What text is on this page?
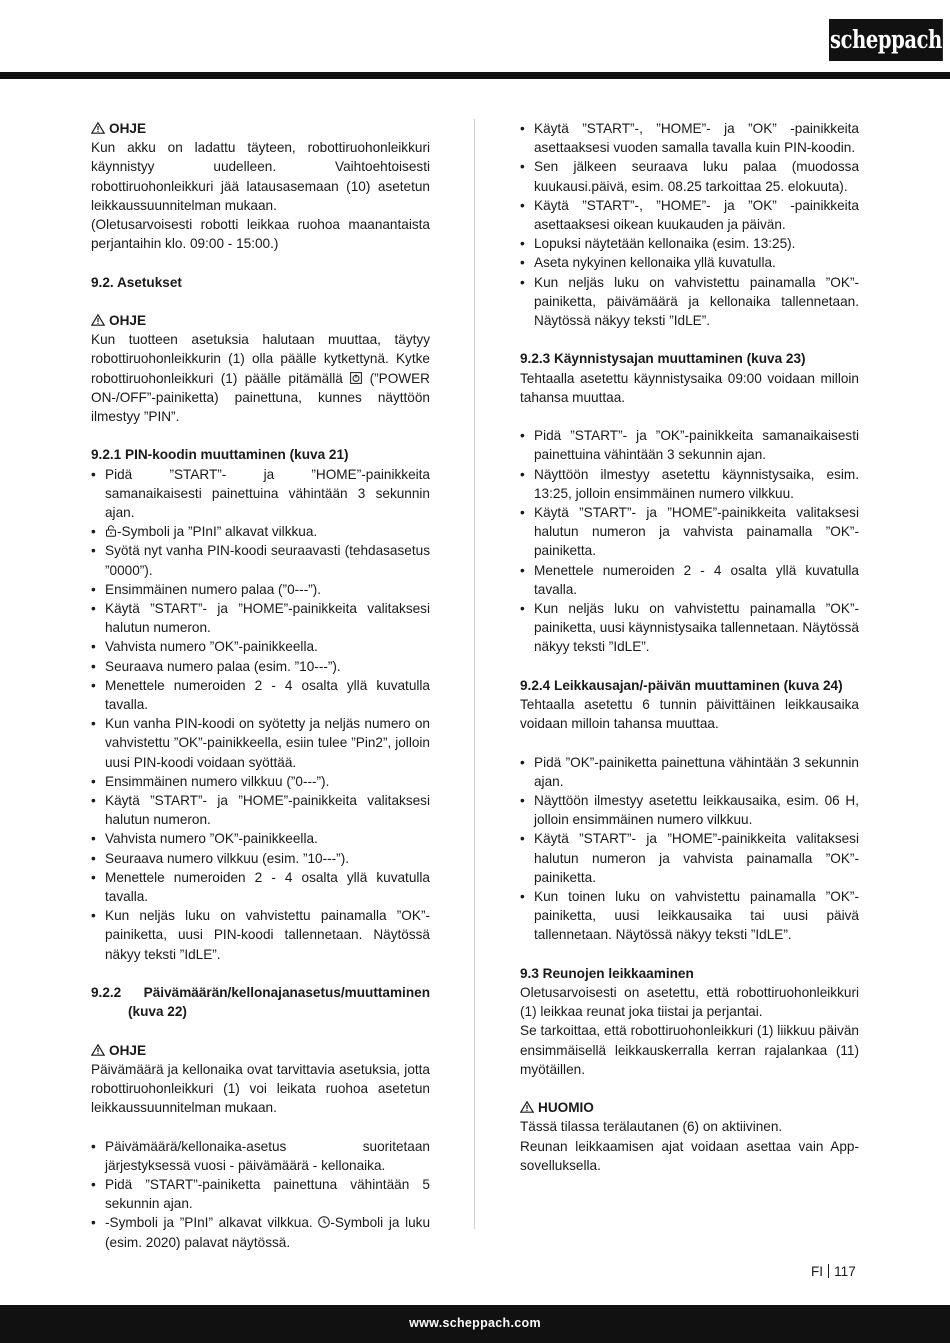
scheppach

OHJE

Kun akku on ladattu täyteen, robottiruohonleikkuri käynnistyy uudelleen. Vaihtoehtoisesti robottiruohonleikkuri jää latausasemaan (10) asetetun leikkaussuunnitelman mukaan.

(Oletusarvoisesti robotti leikkaa ruohoa maanantaista perjantaihin klo. 09:00 - 15:00.)

9.2. Asetukset

OHJE

Kun tuotteen asetuksia halutaan muuttaa, täytyy robottiruohonleikkurin (1) olla päälle kytkettynä. Kytke robottiruohonleikkuri (1) päälle pitämällä (”POWER ON-/OFF”-painiketta) painettuna, kunnes näyttöön ilmestyy ”PIN”.

9.2.1 PIN-koodin muuttaminen (kuva 21)

• Pidä ”START”- ja ”HOME”-painikkeita samanaikaisesti painettuina vähintään 3 sekunnin ajan.
• -Symboli ja ”PInI” alkavat vilkkua.
• Syötä nyt vanha PIN-koodi seuraavasti (tehdasasetus ”0000”).
• Ensimmäinen numero palaa (”0---”).
• Käytä ”START”- ja ”HOME”-painikkeita valitaksesi halutun numeron.
• Vahvista numero ”OK”-painikkeella.
• Seuraava numero palaa (esim. ”10---”).
• Menettele numeroiden 2 - 4 osalta yllä kuvatulla tavalla.
• Kun vanha PIN-koodi on syötetty ja neljäs numero on vahvistettu ”OK”-painikkeella, esiin tulee ”Pin2”, jolloin uusi PIN-koodi voidaan syöttää.
• Ensimmäinen numero vilkkuu (”0---”).
• Käytä ”START”- ja ”HOME”-painikkeita valitaksesi halutun numeron.
• Vahvista numero ”OK”-painikkeella.
• Seuraava numero vilkkuu (esim. ”10---”).
• Menettele numeroiden 2 - 4 osalta yllä kuvatulla tavalla.
• Kun neljäs luku on vahvistettu painamalla ”OK”-painiketta, uusi PIN-koodi tallennetaan. Näytössä näkyy teksti ”IdLE”.

9.2.2 Päivämäärän/kellonajanasetus/muuttaminen (kuva 22)

OHJE

Päivämäärä ja kellonaika ovat tarvittavia asetuksia, jotta robottiruohonleikkuri (1) voi leikata ruohoa asetetun leikkaussuunnitelman mukaan.

• Päivämäärä/kellonaika-asetus suoritetaan järjestyksessä vuosi - päivämäärä - kellonaika.
• Pidä ”START”-painiketta painettuna vähintään 5 sekunnin ajan.
• -Symboli ja ”PInI” alkavat vilkkua. -Symboli ja luku (esim. 2020) palavat näytössä.
• Käytä ”START”-, ”HOME”- ja ”OK” -painikkeita asettaaksesi vuoden samalla tavalla kuin PIN-koodin.
• Sen jälkeen seuraava luku palaa (muodossa kuukausi.päivä, esim. 08.25 tarkoittaa 25. elokuuta).
• Käytä ”START”-, ”HOME”- ja ”OK” -painikkeita asettaaksesi oikean kuukauden ja päivän.
• Lopuksi näytetään kellonaika (esim. 13:25).
• Aseta nykyinen kellonaika yllä kuvatulla.
• Kun neljäs luku on vahvistettu painamalla ”OK”-painiketta, päivämäärä ja kellonaika tallennetaan. Näytössä näkyy teksti ”IdLE”.

9.2.3 Käynnistysajan muuttaminen (kuva 23)

Tehtaalla asetettu käynnistysaika 09:00 voidaan milloin tahansa muuttaa.

• Pidä ”START”- ja ”OK”-painikkeita samanaikaisesti painettuina vähintään 3 sekunnin ajan.
• Näyttöön ilmestyy asetettu käynnistysaika, esim. 13:25, jolloin ensimmäinen numero vilkkuu.
• Käytä ”START”- ja ”HOME”-painikkeita valitaksesi halutun numeron ja vahvista painamalla ”OK”-painiketta.
• Menettele numeroiden 2 - 4 osalta yllä kuvatulla tavalla.
• Kun neljäs luku on vahvistettu painamalla ”OK”-painiketta, uusi käynnistysaika tallennetaan. Näytössä näkyy teksti ”IdLE”.

9.2.4 Leikkausajan/-päivän muuttaminen (kuva 24)

Tehtaalla asetettu 6 tunnin päivittäinen leikkausaika voidaan milloin tahansa muuttaa.

• Pidä ”OK”-painiketta painettuna vähintään 3 sekunnin ajan.
• Näyttöön ilmestyy asetettu leikkausaika, esim. 06 H, jolloin ensimmäinen numero vilkkuu.
• Käytä ”START”- ja ”HOME”-painikkeita valitaksesi halutun numeron ja vahvista painamalla ”OK”-painiketta.
• Kun toinen luku on vahvistettu painamalla ”OK”-painiketta, uusi leikkausaika tai uusi päivä tallennetaan. Näytössä näkyy teksti ”IdLE”.

9.3 Reunojen leikkaaminen

Oletusarvoisesti on asetettu, että robottiruohonleikkuri (1) leikkaa reunat joka tiistai ja perjantai.

Se tarkoittaa, että robottiruohonleikkuri (1) liikkuu päivän ensimmäisellä leikkauskerralla kerran rajalankaa (11) myötäillen.

HUOMIO

Tässä tilassa terälautanen (6) on aktiivinen.

Reunan leikkaamisen ajat voidaan asettaa vain App-sovelluksella.

FI 117
www.scheppach.com
